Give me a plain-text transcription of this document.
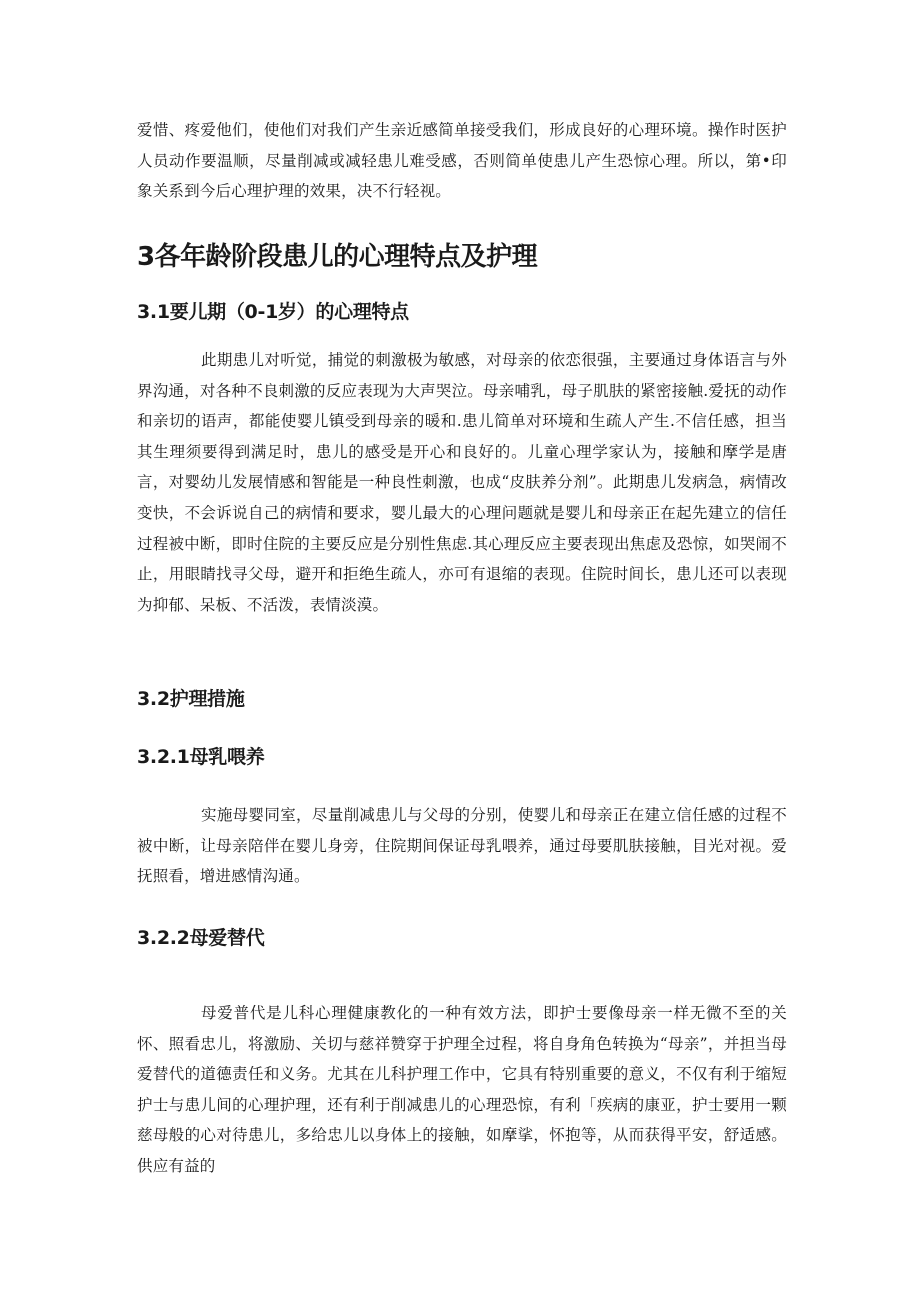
爱惜、疼爱他们，使他们对我们产生亲近感简单接受我们，形成良好的心理环境。操作时医护人员动作要温顺，尽量削减或减轻患儿难受感，否则简单使患儿产生恐惊心理。所以，第•印象关系到今后心理护理的效果，决不行轻视。

3各年龄阶段患儿的心理特点及护理
3.1要儿期（0-1岁）的心理特点

此期患儿对听觉，捕觉的刺激极为敏感，对母亲的依恋很强，主要通过身体语言与外界沟通，对各种不良刺激的反应表现为大声哭泣。母亲哺乳，母子肌肤的紧密接触.爱抚的动作和亲切的语声，都能使婴儿镇受到母亲的暖和.患儿简单对环境和生疏人产生.不信任感，担当其生理须要得到满足时，患儿的感受是开心和良好的。儿童心理学家认为，接触和摩学是唐言，对婴幼儿发展情感和智能是一种良性刺激，也成“皮肤养分剂”。此期患儿发病急，病情改变快，不会诉说自己的病情和要求，婴儿最大的心理问题就是婴儿和母亲正在起先建立的信任过程被中断，即时住院的主要反应是分别性焦虑.其心理反应主要表现出焦虑及恐惊，如哭闹不止，用眼睛找寻父母，避开和拒绝生疏人，亦可有退缩的表现。住院时间长，患儿还可以表现为抑郁、呆板、不活泼，表情淡漠。

3.2护理措施
3.2.1母乳喂养

实施母婴同室，尽量削减患儿与父母的分别，使婴儿和母亲正在建立信任感的过程不被中断，让母亲陪伴在婴儿身旁，住院期间保证母乳喂养，通过母要肌肤接触，目光对视。爱抚照看，增进感情沟通。

3.2.2母爱替代

母爱普代是儿科心理健康教化的一种有效方法，即护士要像母亲一样无微不至的关怀、照看忠儿，将激励、关切与慈祥赞穿于护理全过程，将自身角色转换为“母亲”，并担当母爱替代的道德责任和义务。尤其在儿科护理工作中，它具有特别重要的意义，不仅有利于缩短护士与患儿间的心理护理，还有利于削减患儿的心理恐惊，有利「疾病的康亚，护士要用一颗慈母般的心对待患儿，多给忠儿以身体上的接触，如摩挲，怀抱等，从而获得平安，舒适感。供应有益的
